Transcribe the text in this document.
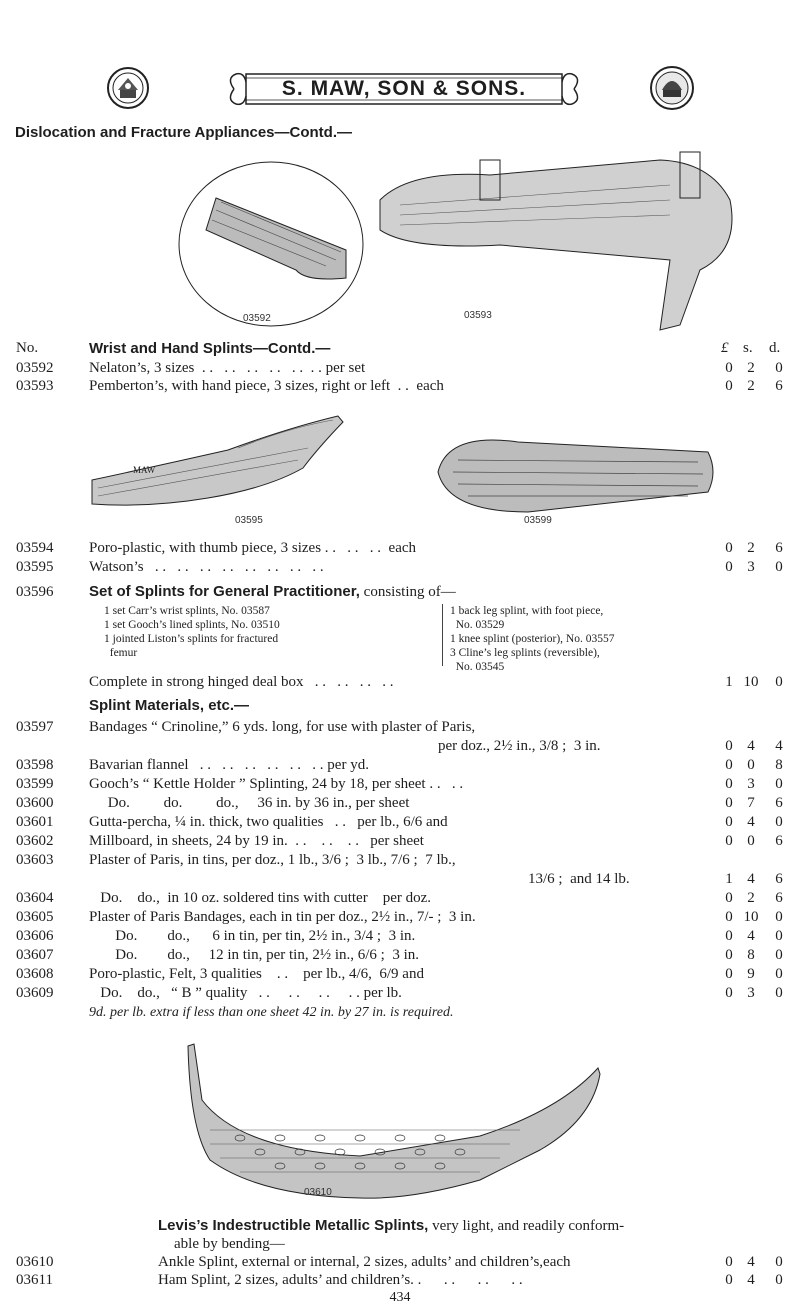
S. MAW, SON & SONS.
Dislocation and Fracture Appliances—Contd.—
03592	03593
No.	Wrist and Hand Splints—Contd.—	£ s. d.
03592 Nelaton’s, 3 sizes  . .   . .   . .   . .   . .  . . per set	0 2	0
03593 Pemberton’s, with hand piece, 3 sizes, right or left  . .  each	0 2	6
MAW
03595	03599
03594 Poro-plastic, with thumb piece, 3 sizes . .   . .   . .  each	0 2	6
03595 Watson’s   . .   . .   . .   . .   . .   . .   . .   . .	0 3	0
03596 Set of Splints for General Practitioner, consisting of—
1 set Carr’s wrist splints, No. 03587
1 set Gooch’s lined splints, No. 03510
1 jointed Liston’s splints for fractured
femur
1 back leg splint, with foot piece,
No. 03529
1 knee splint (posterior), No. 03557
3 Cline’s leg splints (reversible),
No. 03545
Complete in strong hinged deal box   . .   . .   . .   . .	1 10	0
Splint Materials, etc.—
03597 Bandages “ Crinoline,” 6 yds. long, for use with plaster of Paris,
per doz., 2½ in., 3/8 ;  3 in.	0 4	4
03598 Bavarian flannel   . .   . .   . .   . .   . .   . . per yd.	0 0	8
03599 Gooch’s “ Kettle Holder ” Splinting, 24 by 18, per sheet . .   . .	0 3	0
03600 Do.         do.         do.,     36 in. by 36 in., per sheet	0 7	6
03601 Gutta-percha, ¼ in. thick, two qualities   . .   per lb., 6/6 and	0 4	0
03602 Millboard, in sheets, 24 by 19 in.  . .    . .    . .   per sheet	0 0	6
03603 Plaster of Paris, in tins, per doz., 1 lb., 3/6 ;  3 lb., 7/6 ;  7 lb.,
13/6 ;  and 14 lb.	1 4	6
03604 Do.    do.,  in 10 oz. soldered tins with cutter    per doz.	0 2	6
03605 Plaster of Paris Bandages, each in tin per doz., 2½ in., 7/- ;  3 in.	0 10	0
03606 Do.        do.,      6 in tin, per tin, 2½ in., 3/4 ;  3 in.	0 4	0
03607 Do.        do.,     12 in tin, per tin, 2½ in., 6/6 ;  3 in.	0 8	0
03608 Poro-plastic, Felt, 3 qualities    . .    per lb., 4/6,  6/9 and	0 9	0
03609 Do.    do.,   “ B ” quality   . .     . .     . .     . . per lb.	0 3	0
9d. per lb. extra if less than one sheet 42 in. by 27 in. is required.
03610
Levis’s Indestructible Metallic Splints, very light, and readily conform-
able by bending—
03610	Ankle Splint, external or internal, 2 sizes, adults’ and children’s,each	0 4	0
03611	Ham Splint, 2 sizes, adults’ and children’s. .      . .      . .      . .	0 4	0
434
